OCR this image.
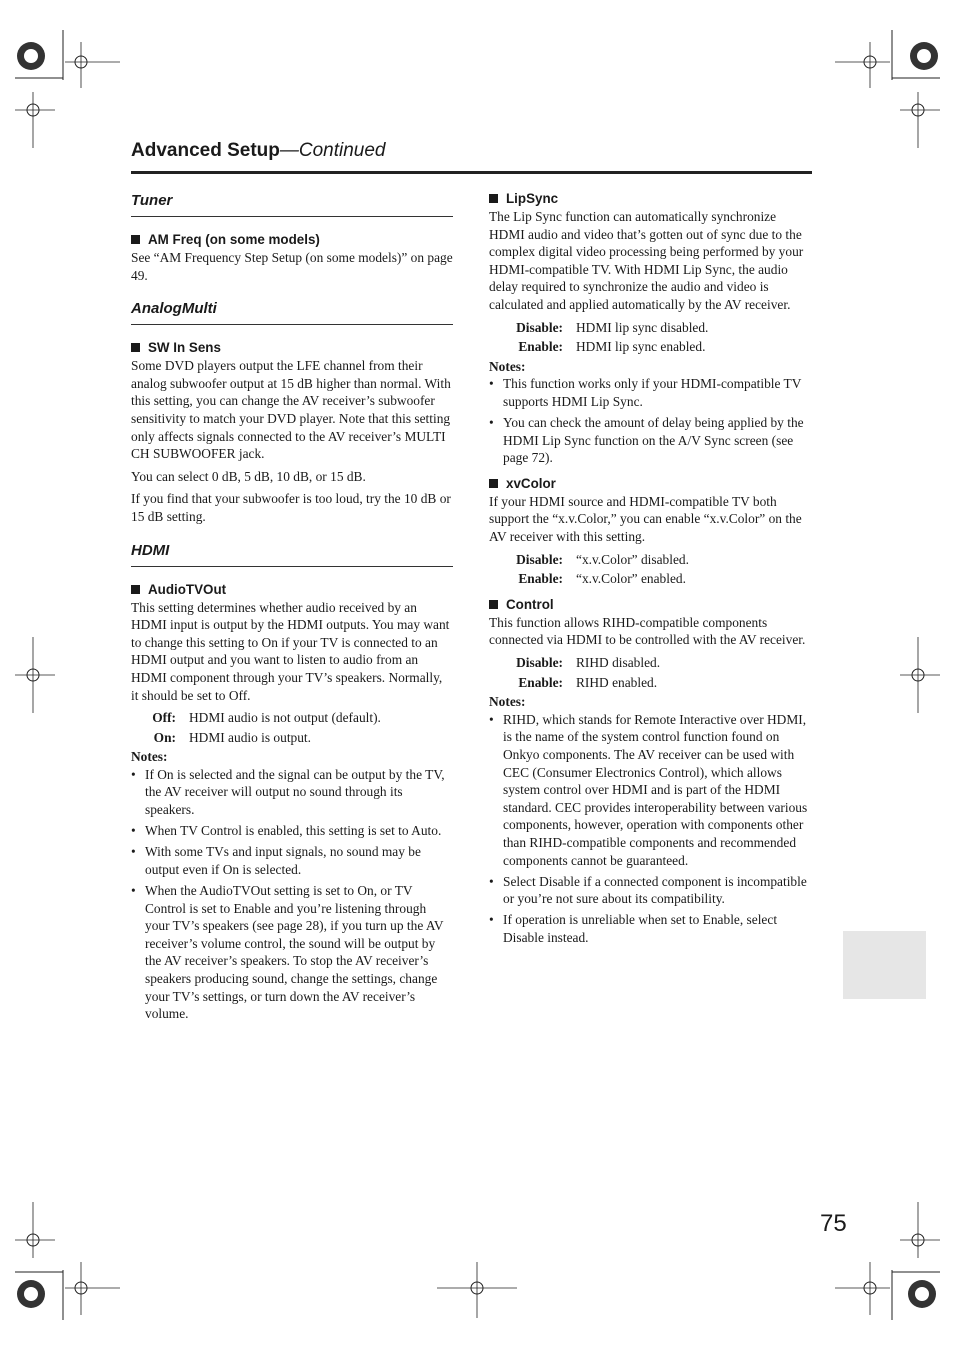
Advanced Setup—Continued
Tuner
AM Freq (on some models)

See “AM Frequency Step Setup (on some models)” on page 49.

AnalogMulti
SW In Sens

Some DVD players output the LFE channel from their analog subwoofer output at 15 dB higher than normal. With this setting, you can change the AV receiver’s subwoofer sensitivity to match your DVD player. Note that this setting only affects signals connected to the AV receiver’s MULTI CH SUBWOOFER jack.

You can select 0 dB, 5 dB, 10 dB, or 15 dB.

If you find that your subwoofer is too loud, try the 10 dB or 15 dB setting.

HDMI
AudioTVOut

This setting determines whether audio received by an HDMI input is output by the HDMI outputs. You may want to change this setting to On if your TV is connected to an HDMI output and you want to listen to audio from an HDMI component through your TV’s speakers. Normally, it should be set to Off.

Off: HDMI audio is not output (default).
On: HDMI audio is output.
Notes:
• If On is selected and the signal can be output by the TV, the AV receiver will output no sound through its speakers.
• When TV Control is enabled, this setting is set to Auto.
• With some TVs and input signals, no sound may be output even if On is selected.
• When the AudioTVOut setting is set to On, or TV Control is set to Enable and you’re listening through your TV’s speakers (see page 28), if you turn up the AV receiver’s volume control, the sound will be output by the AV receiver’s speakers. To stop the AV receiver’s speakers producing sound, change the settings, change your TV’s settings, or turn down the AV receiver’s volume.
LipSync

The Lip Sync function can automatically synchronize HDMI audio and video that’s gotten out of sync due to the complex digital video processing being performed by your HDMI-compatible TV. With HDMI Lip Sync, the audio delay required to synchronize the audio and video is calculated and applied automatically by the AV receiver.

Disable: HDMI lip sync disabled.
Enable: HDMI lip sync enabled.
Notes:
• This function works only if your HDMI-compatible TV supports HDMI Lip Sync.
• You can check the amount of delay being applied by the HDMI Lip Sync function on the A/V Sync screen (see page 72).
xvColor

If your HDMI source and HDMI-compatible TV both support the “x.v.Color,” you can enable “x.v.Color” on the AV receiver with this setting.

Disable: “x.v.Color” disabled.
Enable: “x.v.Color” enabled.
Control

This function allows RIHD-compatible components connected via HDMI to be controlled with the AV receiver.

Disable: RIHD disabled.
Enable: RIHD enabled.
Notes:
• RIHD, which stands for Remote Interactive over HDMI, is the name of the system control function found on Onkyo components. The AV receiver can be used with CEC (Consumer Electronics Control), which allows system control over HDMI and is part of the HDMI standard. CEC provides interoperability between various components, however, operation with components other than RIHD-compatible components and recommended components cannot be guaranteed.
• Select Disable if a connected component is incompatible or you’re not sure about its compatibility.
• If operation is unreliable when set to Enable, select Disable instead.
75
